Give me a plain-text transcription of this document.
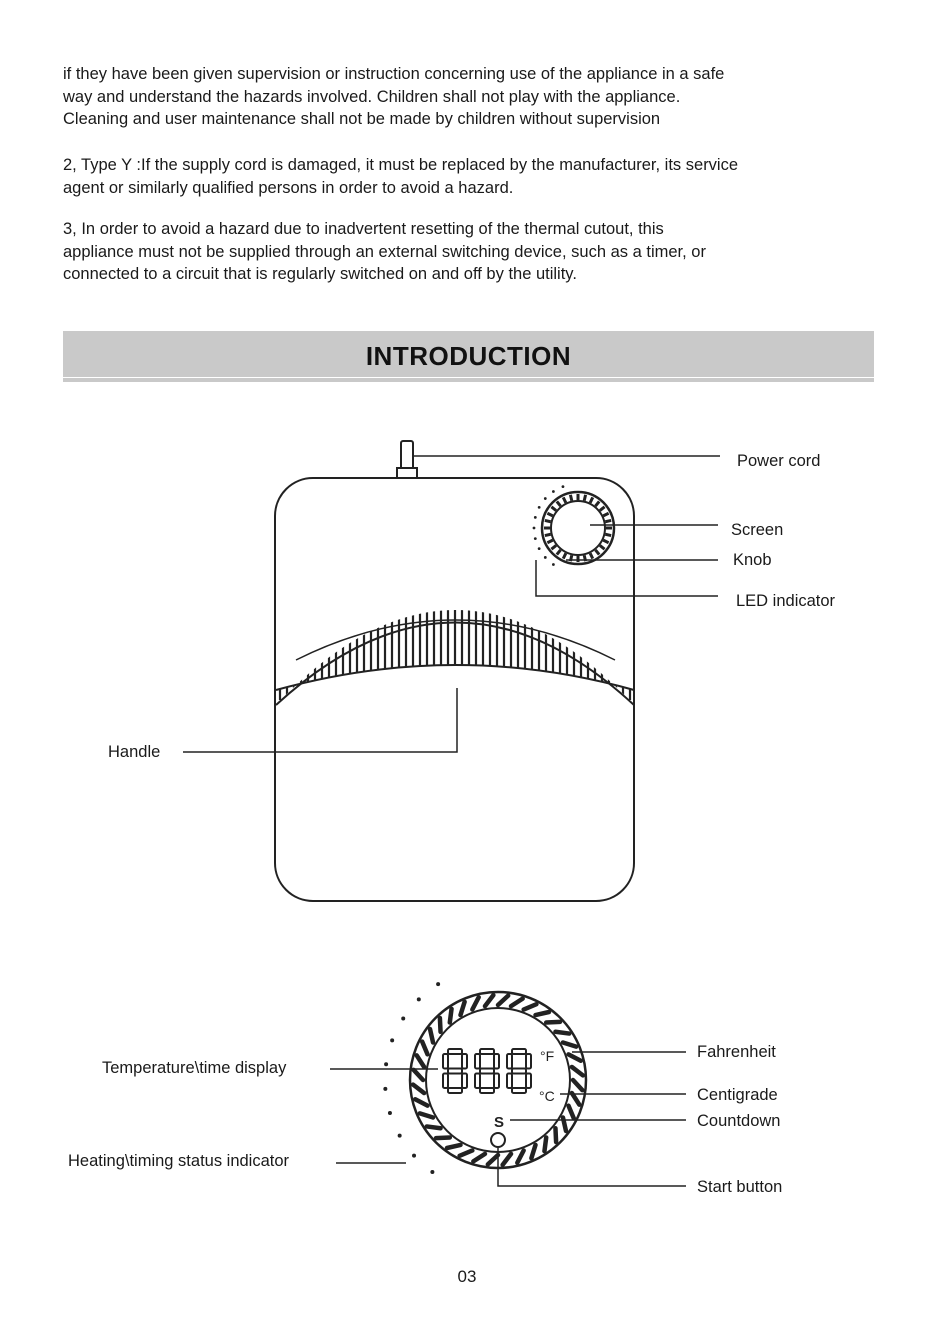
if they have been given supervision or instruction concerning use of the appliance in a safe
way and understand the hazards involved. Children shall not play with the appliance.
Cleaning and user maintenance shall not be made by children without supervision

2, Type Y :If the supply cord is damaged, it must be replaced by the manufacturer, its service
agent or similarly qualified persons in order to avoid a hazard.

3, In order to avoid a hazard due to inadvertent resetting of the thermal cutout, this
appliance must not be supplied through an external switching device, such as a timer, or
connected to a circuit that is regularly switched on and off by the utility.

INTRODUCTION
Power cord
Screen
Knob
LED indicator
Handle
°F
°C
S
Temperature\time display
Heating\timing status indicator
Fahrenheit
Centigrade
Countdown
Start button
03
